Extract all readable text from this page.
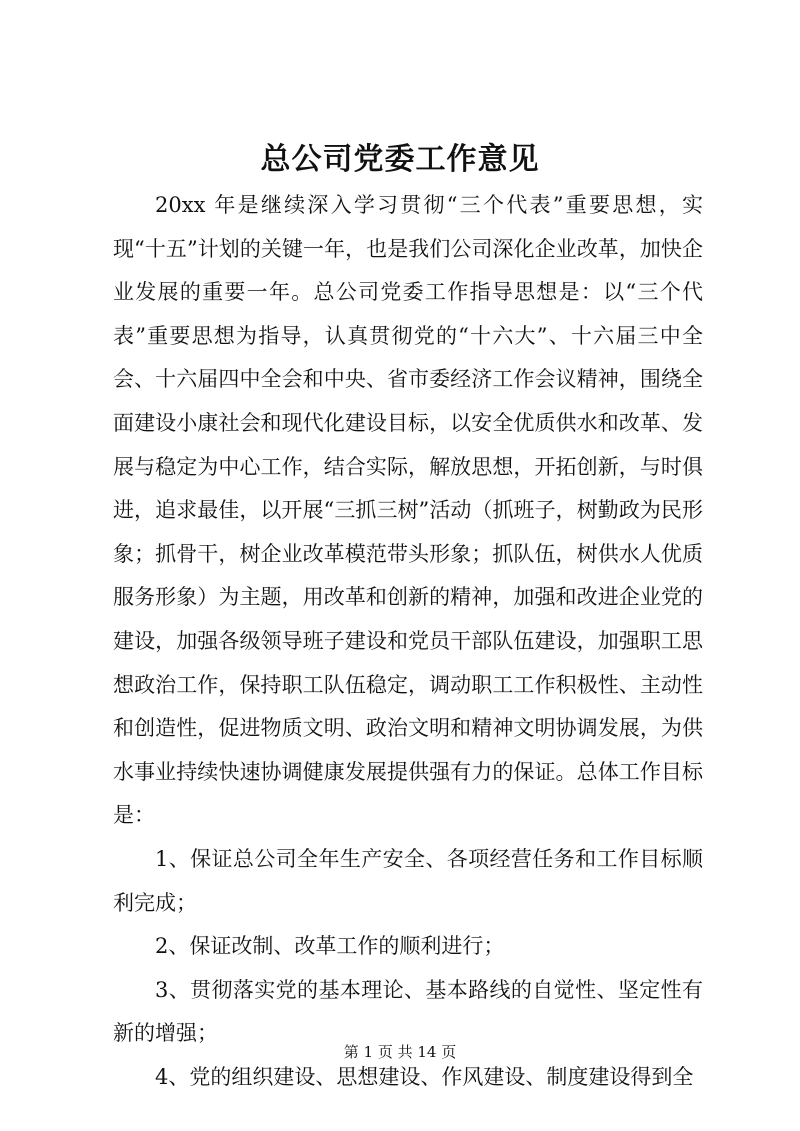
总公司党委工作意见

20xx 年是继续深入学习贯彻“三个代表”重要思想，实现“十五”计划的关键一年，也是我们公司深化企业改革，加快企业发展的重要一年。总公司党委工作指导思想是：以“三个代表”重要思想为指导，认真贯彻党的“十六大”、十六届三中全会、十六届四中全会和中央、省市委经济工作会议精神，围绕全面建设小康社会和现代化建设目标，以安全优质供水和改革、发展与稳定为中心工作，结合实际，解放思想，开拓创新，与时俱进，追求最佳，以开展“三抓三树”活动（抓班子，树勤政为民形象；抓骨干，树企业改革模范带头形象；抓队伍，树供水人优质服务形象）为主题，用改革和创新的精神，加强和改进企业党的建设，加强各级领导班子建设和党员干部队伍建设，加强职工思想政治工作，保持职工队伍稳定，调动职工工作积极性、主动性和创造性，促进物质文明、政治文明和精神文明协调发展，为供水事业持续快速协调健康发展提供强有力的保证。总体工作目标是：

1、保证总公司全年生产安全、各项经营任务和工作目标顺利完成；

2、保证改制、改革工作的顺利进行；

3、贯彻落实党的基本理论、基本路线的自觉性、坚定性有新的增强；

4、党的组织建设、思想建设、作风建设、制度建设得到全

第 1 页 共 14 页
